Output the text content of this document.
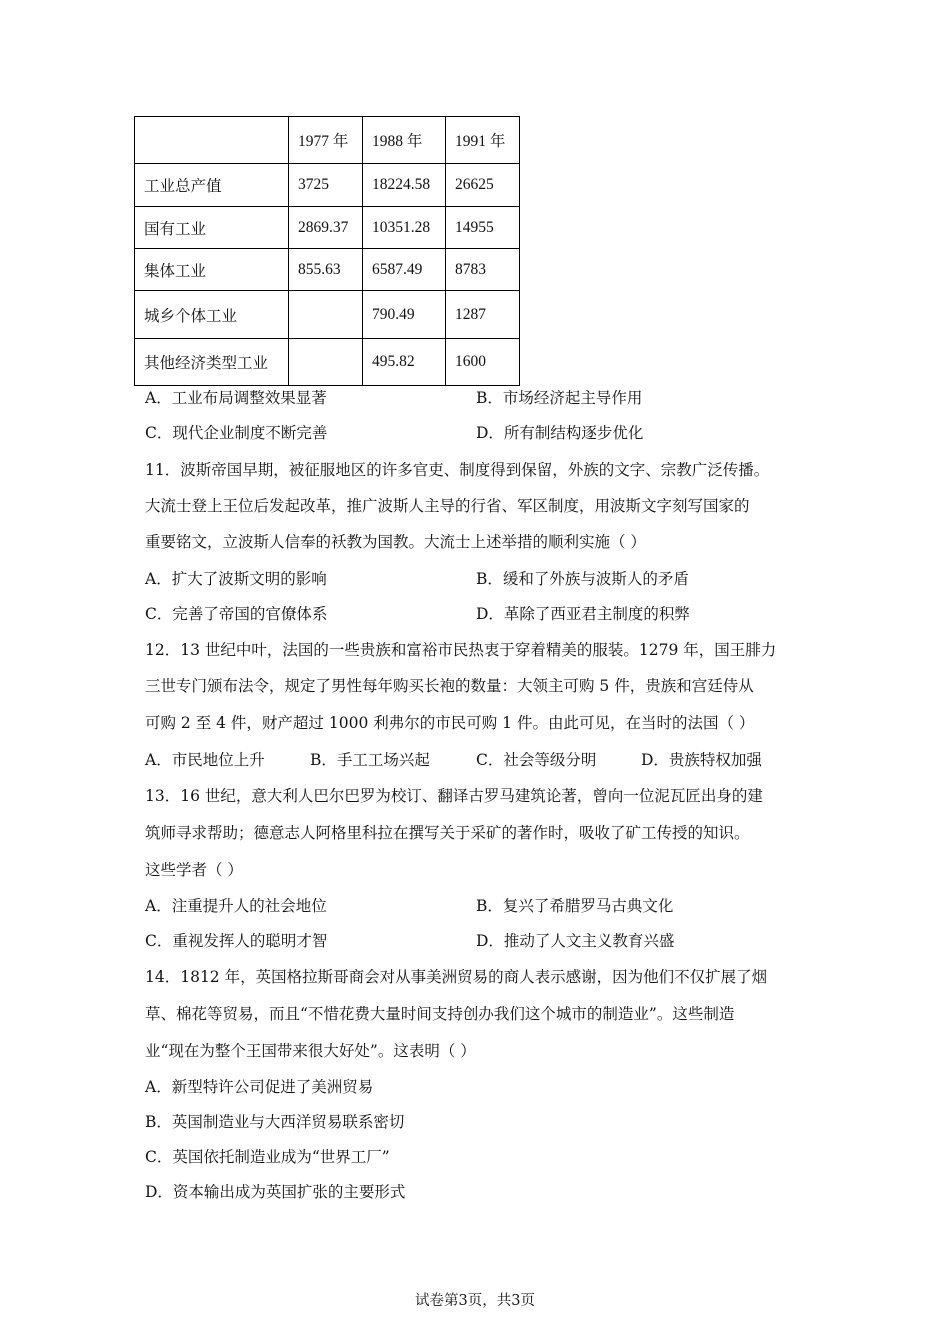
	1977 年	1988 年	1991 年
工业总产值	3725	18224.58	26625
国有工业	2869.37	10351.28	14955
集体工业	855.63	6587.49	8783
城乡个体工业		790.49	1287
其他经济类型工业		495.82	1600
A．工业布局调整效果显著	B．市场经济起主导作用
C．现代企业制度不断完善	D．所有制结构逐步优化
11．波斯帝国早期，被征服地区的许多官吏、制度得到保留，外族的文字、宗教广泛传播。
大流士登上王位后发起改革，推广波斯人主导的行省、军区制度，用波斯文字刻写国家的
重要铭文，立波斯人信奉的袄教为国教。大流士上述举措的顺利实施（ ）
A．扩大了波斯文明的影响	B．缓和了外族与波斯人的矛盾
C．完善了帝国的官僚体系	D．革除了西亚君主制度的积弊
12．13 世纪中叶，法国的一些贵族和富裕市民热衷于穿着精美的服装。1279 年，国王腓力
三世专门颁布法令，规定了男性每年购买长袍的数量：大领主可购 5 件，贵族和宫廷侍从
可购 2 至 4 件，财产超过 1000 利弗尔的市民可购 1 件。由此可见，在当时的法国（ ）
A．市民地位上升	B．手工工场兴起	C．社会等级分明	D．贵族特权加强
13．16 世纪，意大利人巴尔巴罗为校订、翻译古罗马建筑论著，曾向一位泥瓦匠出身的建
筑师寻求帮助；德意志人阿格里科拉在撰写关于采矿的著作时，吸收了矿工传授的知识。
这些学者（ ）
A．注重提升人的社会地位	B．复兴了希腊罗马古典文化
C．重视发挥人的聪明才智	D．推动了人文主义教育兴盛
14．1812 年，英国格拉斯哥商会对从事美洲贸易的商人表示感谢，因为他们不仅扩展了烟
草、棉花等贸易，而且“不惜花费大量时间支持创办我们这个城市的制造业”。这些制造
业“现在为整个王国带来很大好处”。这表明（ ）
A．新型特许公司促进了美洲贸易
B．英国制造业与大西洋贸易联系密切
C．英国依托制造业成为“世界工厂”
D．资本输出成为英国扩张的主要形式
试卷第3页，共3页
